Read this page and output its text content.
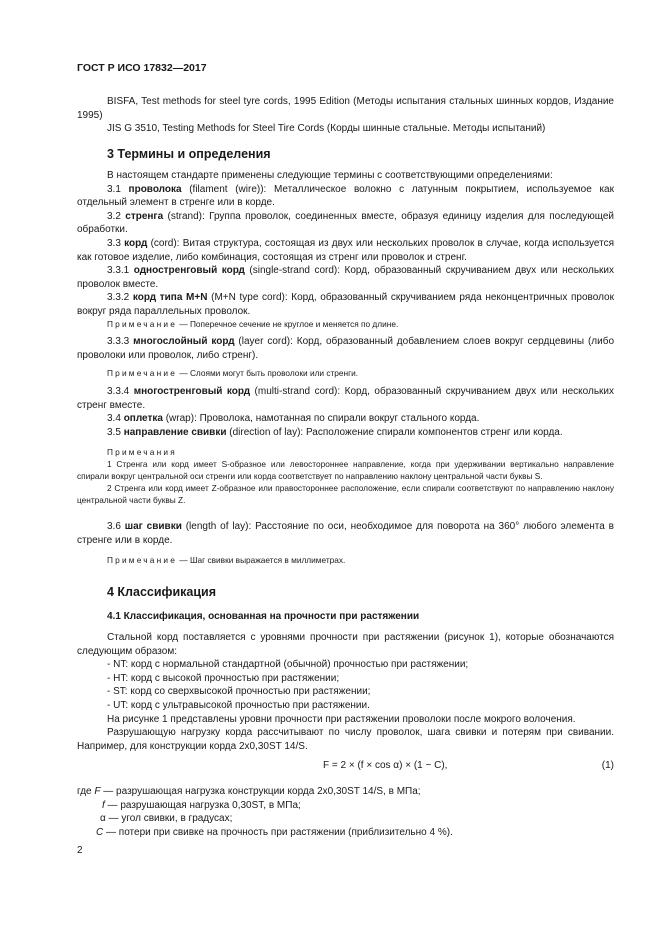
ГОСТ Р ИСО 17832—2017

BISFA, Test methods for steel tyre cords, 1995 Edition (Методы испытания стальных шинных кордов, Издание 1995)

JIS G 3510, Testing Methods for Steel Tire Cords (Корды шинные стальные. Методы испытаний)

3 Термины и определения

В настоящем стандарте применены следующие термины с соответствующими определениями:

3.1 проволока (filament (wire)): Металлическое волокно с латунным покрытием, используемое как отдельный элемент в стренге или в корде.

3.2 стренга (strand): Группа проволок, соединенных вместе, образуя единицу изделия для последующей обработки.

3.3 корд (cord): Витая структура, состоящая из двух или нескольких проволок в случае, когда используется как готовое изделие, либо комбинация, состоящая из стренг или проволок и стренг.

3.3.1 одностренговый корд (single-strand cord): Корд, образованный скручиванием двух или нескольких проволок вместе.

3.3.2 корд типа M+N (M+N type cord): Корд, образованный скручиванием ряда неконцентричных проволок вокруг ряда параллельных проволок.

Примечание — Поперечное сечение не круглое и меняется по длине.

3.3.3 многослойный корд (layer cord): Корд, образованный добавлением слоев вокруг сердцевины (либо проволоки или проволок, либо стренг).

Примечание — Слоями могут быть проволоки или стренги.

3.3.4 многостренговый корд (multi-strand cord): Корд, образованный скручиванием двух или нескольких стренг вместе.

3.4 оплетка (wrap): Проволока, намотанная по спирали вокруг стального корда.

3.5 направление свивки (direction of lay): Расположение спирали компонентов стренг или корда.

Примечания

1 Стренга или корд имеет S-образное или левостороннее направление, когда при удерживании вертикально направление спирали вокруг центральной оси стренги или корда соответствует по направлению наклону центральной части буквы S.

2 Стренга или корд имеет Z-образное или правостороннее расположение, если спирали соответствуют по направлению наклону центральной части буквы Z.

3.6 шаг свивки (length of lay): Расстояние по оси, необходимое для поворота на 360° любого элемента в стренге или в корде.

Примечание — Шаг свивки выражается в миллиметрах.

4 Классификация
4.1 Классификация, основанная на прочности при растяжении

Стальной корд поставляется с уровнями прочности при растяжении (рисунок 1), которые обозначаются следующим образом:

- NT: корд с нормальной стандартной (обычной) прочностью при растяжении;

- HT: корд с высокой прочностью при растяжении;

- ST: корд со сверхвысокой прочностью при растяжении;

- UT: корд с ультравысокой прочностью при растяжении.

На рисунке 1 представлены уровни прочности при растяжении проволоки после мокрого волочения.

Разрушающую нагрузку корда рассчитывают по числу проволок, шага свивки и потерям при свивании. Например, для конструкции корда 2x0,30ST 14/S.

F = 2 × (f × cos α) × (1 − C),	(1)

где F — разрушающая нагрузка конструкции корда 2x0,30ST 14/S, в МПа;

f — разрушающая нагрузка 0,30ST, в МПа;

α — угол свивки, в градусах;

C — потери при свивке на прочность при растяжении (приблизительно 4 %).

2
